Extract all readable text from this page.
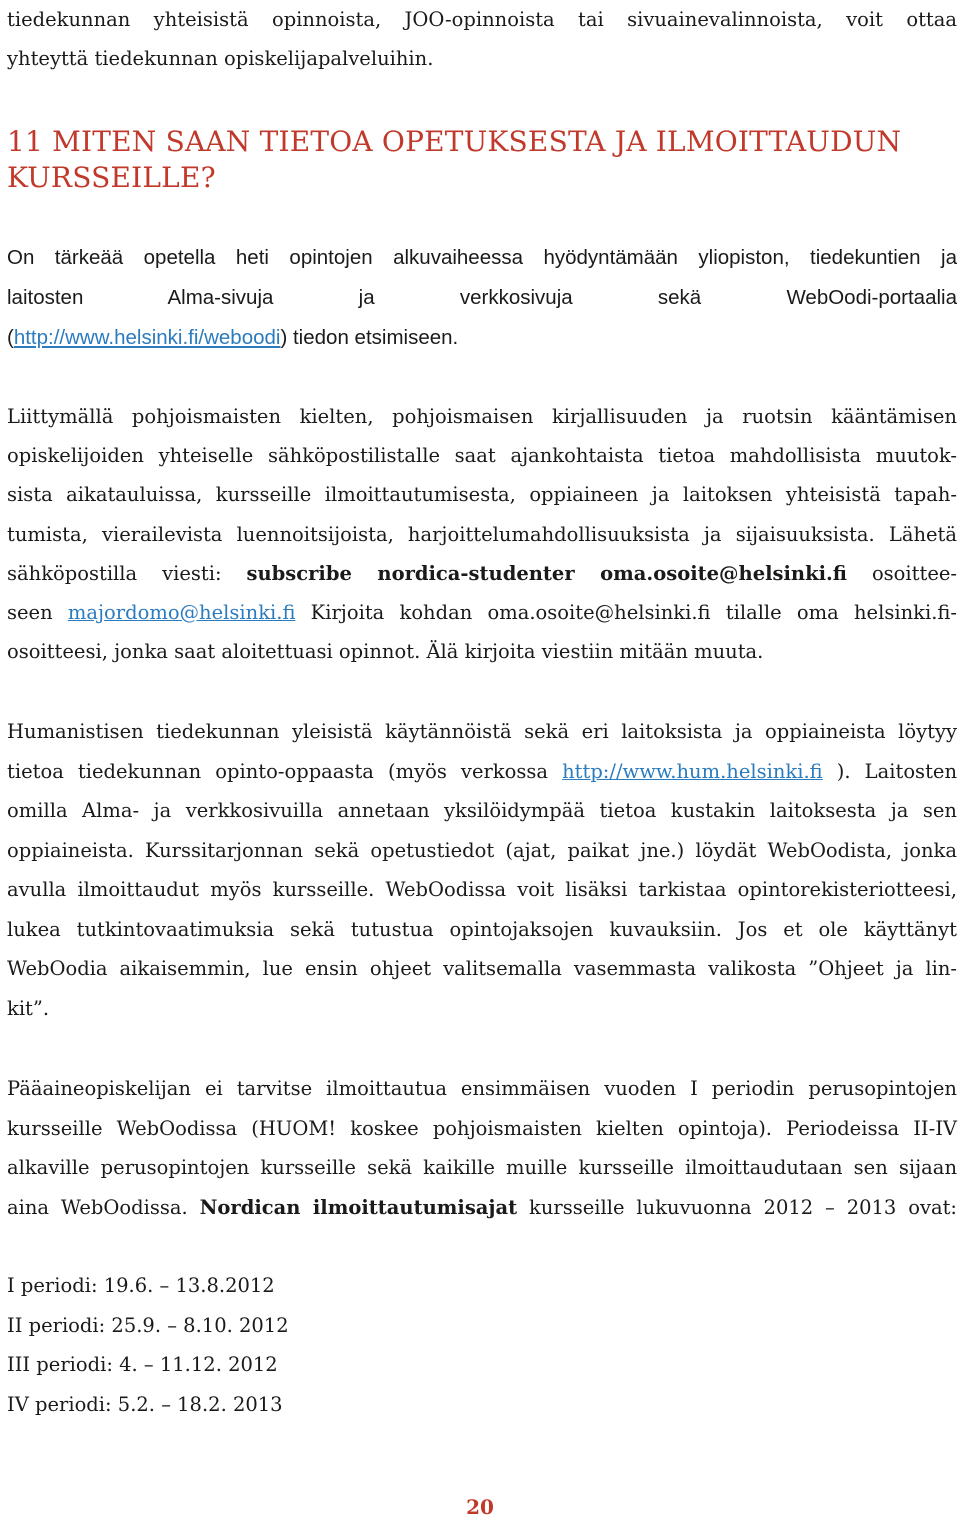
tiedekunnan yhteisistä opinnoista, JOO-opinnoista tai sivuainevalinnoista, voit ottaa
yhteyttä tiedekunnan opiskelijapalveluihin.

11 MITEN SAAN TIETOA OPETUKSESTA JA ILMOITTAUDUN
KURSSEILLE?

On tärkeää opetella heti opintojen alkuvaiheessa hyödyntämään yliopiston, tiedekuntien ja
laitosten Alma-sivuja ja verkkosivuja sekä WebOodi-portaalia
(http://www.helsinki.fi/weboodi) tiedon etsimiseen.

Liittymällä pohjoismaisten kielten, pohjoismaisen kirjallisuuden ja ruotsin kääntämisen
opiskelijoiden yhteiselle sähköpostilistalle saat ajankohtaista tietoa mahdollisista muutok-
sista aikatauluissa, kursseille ilmoittautumisesta, oppiaineen ja laitoksen yhteisistä tapah-
tumista, vierailevista luennoitsijoista, harjoittelumahdollisuuksista ja sijaisuuksista. Lähetä
sähköpostilla viesti: subscribe nordica-studenter oma.osoite@helsinki.fi osoittee-
seen majordomo@helsinki.fi Kirjoita kohdan oma.osoite@helsinki.fi tilalle oma helsinki.fi-
osoitteesi, jonka saat aloitettuasi opinnot. Älä kirjoita viestiin mitään muuta.

Humanistisen tiedekunnan yleisistä käytännöistä sekä eri laitoksista ja oppiaineista löytyy
tietoa tiedekunnan opinto-oppaasta (myös verkossa http://www.hum.helsinki.fi ). Laitosten
omilla Alma- ja verkkosivuilla annetaan yksilöidympää tietoa kustakin laitoksesta ja sen
oppiaineista. Kurssitarjonnan sekä opetustiedot (ajat, paikat jne.) löydät WebOodista, jonka
avulla ilmoittaudut myös kursseille. WebOodissa voit lisäksi tarkistaa opintorekisteriotteesi,
lukea tutkintovaatimuksia sekä tutustua opintojaksojen kuvauksiin. Jos et ole käyttänyt
WebOodia aikaisemmin, lue ensin ohjeet valitsemalla vasemmasta valikosta ”Ohjeet ja lin-
kit”.

Pääaineopiskelijan ei tarvitse ilmoittautua ensimmäisen vuoden I periodin perusopintojen
kursseille WebOodissa (HUOM! koskee pohjoismaisten kielten opintoja). Periodeissa II-IV
alkaville perusopintojen kursseille sekä kaikille muille kursseille ilmoittaudutaan sen sijaan
aina WebOodissa. Nordican ilmoittautumisajat kursseille lukuvuonna 2012 – 2013 ovat:

I periodi: 19.6. – 13.8.2012
II periodi: 25.9. – 8.10. 2012
III periodi: 4. – 11.12. 2012
IV periodi: 5.2. – 18.2. 2013

20
